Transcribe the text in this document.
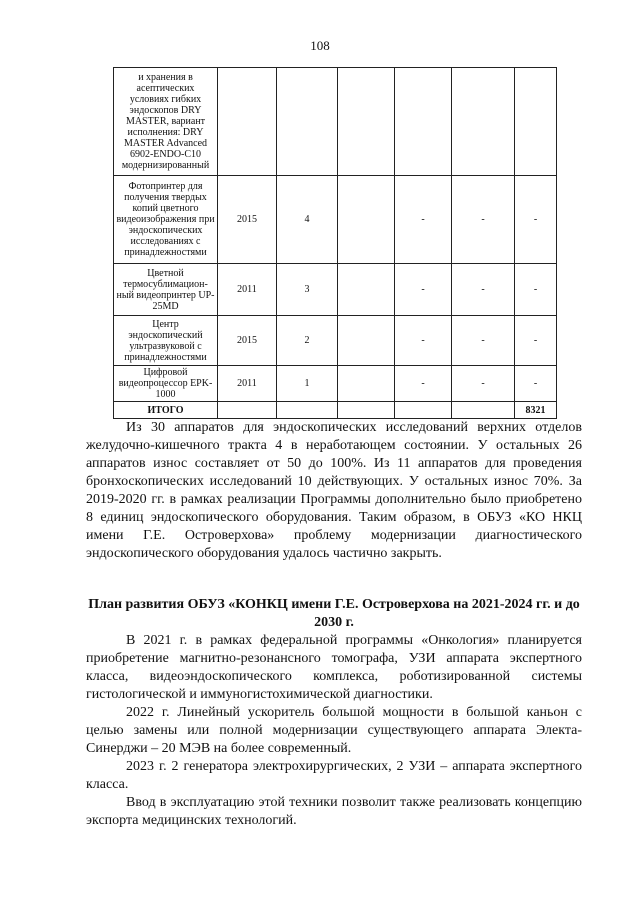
108
и хранения в асептических условиях гибких эндоскопов DRY MASTER, вариант исполнения: DRY MASTER Advanced 6902-ENDO-C10 модернизированный						
Фотопринтер для получения твердых копий цветного видеоизображения при эндоскопических исследованиях с принадлежностями	2015	4		-	-	-
Цветной термосублимацион-ный видеопринтер UP-25MD	2011	3		-	-	-
Центр эндоскопический ультразвуковой с принадлежностями	2015	2		-	-	-
Цифровой видеопроцессор EPK-1000	2011	1		-	-	-
ИТОГО						8321

Из 30 аппаратов для эндоскопических исследований верхних отделов желудочно-кишечного тракта 4 в неработающем состоянии. У остальных 26 аппаратов износ составляет от 50 до 100%. Из 11 аппаратов для проведения бронхоскопических исследований 10 действующих. У остальных износ 70%. За 2019-2020 гг. в рамках реализации Программы дополнительно было приобретено 8 единиц эндоскопического оборудования. Таким образом, в ОБУЗ «КО НКЦ имени Г.Е. Островерхова» проблему модернизации диагностического эндоскопического оборудования удалось частично закрыть.

План развития ОБУЗ «КОНКЦ имени Г.Е. Островерхова на 2021-2024 гг. и до 2030 г.

В 2021 г. в рамках федеральной программы «Онкология» планируется приобретение магнитно-резонансного томографа, УЗИ аппарата экспертного класса, видеоэндоскопического комплекса, роботизированной системы гистологической и иммуногистохимической диагностики.

2022 г. Линейный ускоритель большой мощности в большой каньон с целью замены или полной модернизации существующего аппарата Электа-Синерджи – 20 МЭВ на более современный.

2023 г. 2 генератора электрохирургических, 2 УЗИ – аппарата экспертного класса.

Ввод в эксплуатацию этой техники позволит также реализовать концепцию экспорта медицинских технологий.
